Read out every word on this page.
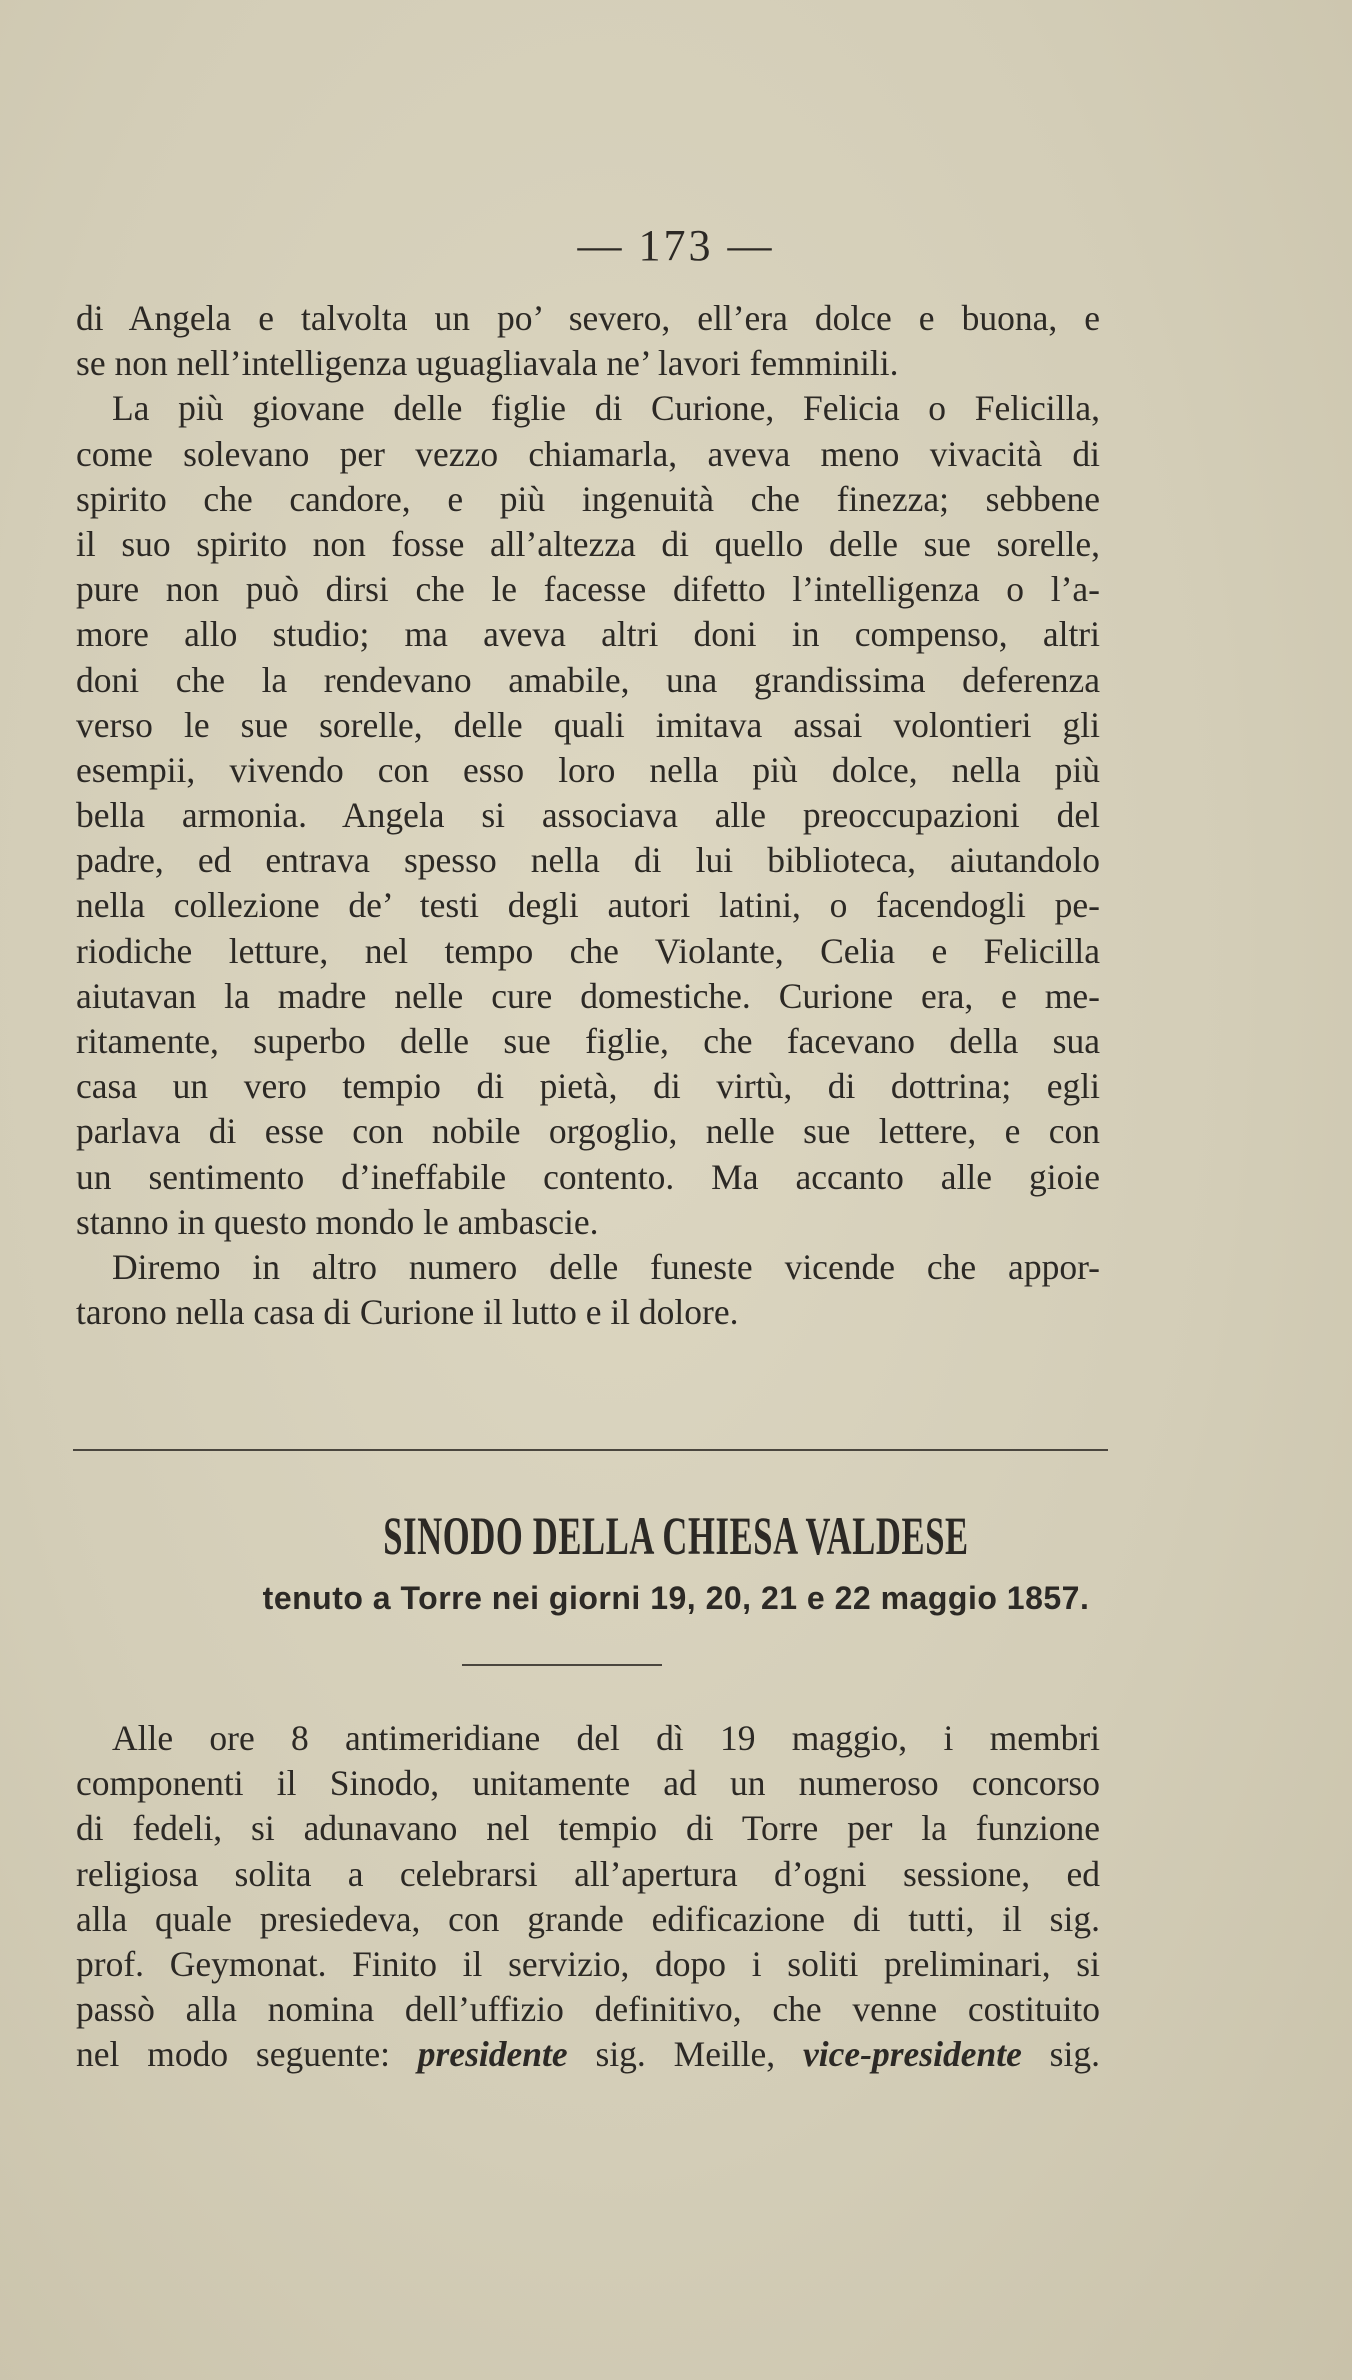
— 173 —
di Angela e talvolta un po’ severo, ell’era dolce e buona, e
se non nell’intelligenza uguagliavala ne’ lavori femminili.
La più giovane delle figlie di Curione, Felicia o Felicilla,
come solevano per vezzo chiamarla, aveva meno vivacità di
spirito che candore, e più ingenuità che finezza; sebbene
il suo spirito non fosse all’altezza di quello delle sue sorelle,
pure non può dirsi che le facesse difetto l’intelligenza o l’a-
more allo studio; ma aveva altri doni in compenso, altri
doni che la rendevano amabile, una grandissima deferenza
verso le sue sorelle, delle quali imitava assai volontieri gli
esempii, vivendo con esso loro nella più dolce, nella più
bella armonia. Angela si associava alle preoccupazioni del
padre, ed entrava spesso nella di lui biblioteca, aiutandolo
nella collezione de’ testi degli autori latini, o facendogli pe-
riodiche letture, nel tempo che Violante, Celia e Felicilla
aiutavan la madre nelle cure domestiche. Curione era, e me-
ritamente, superbo delle sue figlie, che facevano della sua
casa un vero tempio di pietà, di virtù, di dottrina; egli
parlava di esse con nobile orgoglio, nelle sue lettere, e con
un sentimento d’ineffabile contento. Ma accanto alle gioie
stanno in questo mondo le ambascie.
Diremo in altro numero delle funeste vicende che appor-
tarono nella casa di Curione il lutto e il dolore.
SINODO DELLA CHIESA VALDESE
tenuto a Torre nei giorni 19, 20, 21 e 22 maggio 1857.
Alle ore 8 antimeridiane del dì 19 maggio, i membri
componenti il Sinodo, unitamente ad un numeroso concorso
di fedeli, si adunavano nel tempio di Torre per la funzione
religiosa solita a celebrarsi all’apertura d’ogni sessione, ed
alla quale presiedeva, con grande edificazione di tutti, il sig.
prof. Geymonat. Finito il servizio, dopo i soliti preliminari, si
passò alla nomina dell’uffizio definitivo, che venne costituito
nel modo seguente: presidente sig. Meille, vice-presidente sig.
